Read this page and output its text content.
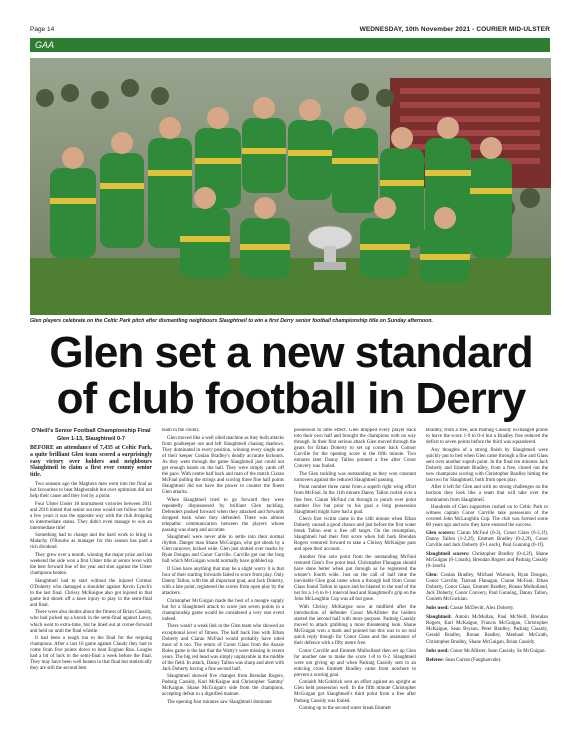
Page 14	WEDNESDAY, 10th November 2021 - COURIER MID-ULSTER
GAA
Glen players celebrate on the Celtic Park pitch after dismantling neighbours Slaughtneil to win a first Derry senior football championship title on Sunday afternoon.
Glen set a new standard of club football in Derry
O'Neill's Senior Football Championship Final
Glen 1-13, Slaughtneil 0-7

BEFORE an attendance of 7,435 at Celtic Park, a quite brilliant Glen team scored a surprisingly easy victory over holders and neighbours Slaughtneil to claim a first ever county senior title.

Two seasons ago the Maghera men went into the final as hot favourites to beat Magherafelt but over optimism did not help their cause and they lost by a point.

Four Ulster Under 18 tournament victories between 2011 and 2016 hinted that senior success would not follow but for a few years it was the opposite way with the club dropping to intermediate status. They didn't even manage to win an intermediate title!

Something had to change and the hard work to bring in Malachy O'Rourke as manager for this season has paid a rich dividend.

They grew over a month, winning the major prize and last weekend the side won a first Ulster title at senior level with the best forward line of the year and shot against the Ulster champions beaten.

Slaughtneil had to start without the injured Cormac O'Doherty who damaged a shoulder against Kevin Lynch's in the last final. Chrissy McKaigue also got injured in that game but shook off a knee injury to play in the semi-final and final.

There were also doubts about the fitness of Brian Cassidy, who had picked up a knock in the semi-final against Lavey, which went to extra-time, but he lined out at corner-forward and held on until the final whistle.

It had been a tough run to the final for the reigning champions. After a last 16 game against Claudy they had to come from five points down to beat Eoghan Rua. Loughs had a bit of luck in the semi-final a week before the final. They may have been well beaten in that final but statistically they are still the second best

team in the county.

Glen moved like a well oiled machine as they built attacks from goalkeeper out and left Slaughtneil chasing shadows. They dominated in every position, winning every single one of their keeper Conlan Bradley's deadly accurate kickouts. As they went through the game Slaughtneil just could not get enough hands on the ball. They were simply yards off the pace. With centre half back and man of the match Ciaran McFaul pulling the strings and scoring three fine half points Slaughtneil did not have the power to counter the fluent Glen attacks.

When Slaughtneil tried to go forward they were repeatedly dispossessed by brilliant Glen tackling. Defenders pushed forward when they attacked and forwards dropped back when they defended. There was almost telepathic communication between the players whose passing was sharp and accurate.

Slaughtneil were never able to settle into their normal rhythm. Danger man Shane McGuigan, who got shook by a Glen turnover, kicked wide. Glen just slotted over marks by Ryan Dougan and Conor Carville. Carville got out the long ball which McGuigan would normally have gobbled up.

If Glen have anything that may be a slight worry it is that four of their starting forwards failed to score from play. Only Danny Tallon, with the all important goal, and Jack Doherty, with a late point, registered the scores from open play by the attackers.

Christopher McGuigan made the best of a meagre supply but for a Slaughtneil attack to score just seven points in a championship game would be considered a very rare event indeed.

There wasn't a weak link in the Glen team who showed an exceptional level of fitness. The half back line with Ethan Doherty and Ciaran McFaul would probably have ruled most of it too. The return of Conor Glass from the Aussie Rules game is the last that the Watty's were missing in recent years. The big red head was simply unplayable in the middle of the field. In attack, Danny Tallon was sharp and alert with Jack Doherty having a fine second half.

Slaughtneil showed five changes from Brendan Rogers, Padraig Cassidy, Karl McKaigue and Christopher 'Sammy' McKaigue. Shane McGuigan's side from the champions, accepting defeat in a dignified manner.

The opening four minutes saw Slaughtneil dominate

possession to little effect. Glen dropped every player back into their own half and brought the champions with no way through. In their first serious attack Glen moved through the gears for Ethan Doherty to set up corner back Connor Carville for the opening score in the fifth minute. Two minutes later Danny Tallon pointed a free after Conor Convery was fouled.

The Glen tackling was outstanding as they won constant turnovers against the reduced Slaughtneil passing.

Point number three came from a superb right wing effort from McFaul. In the 11th minute Danny Tallon curled over a fine free. Ciaran McFaul cut through to punch over point number five but prior to his goal a long possession Slaughtneil might have had a goal.

Glen's first victim came in the 14th minute when Ethan Doherty caused a good chance and just before the first water break Tallon sent a free off target. On the resumption, Slaughtneil had their first score when full back Brendan Rogers ventured forward to take a Chrissy McKaigue pass and open their account.

Another fine solo point from the outstanding McFaul restored Glen's five point lead. Christopher Flanagan should have done better when put through as he registered the winner's fourth wide. Just on the call of half time the inevitable Glen goal came when a through ball from Conor Glass found Tallon in space and he blasted to the roof of the net for a 1-6 to 0-1 interval lead and Slaughtneil's grip on the John McLaughlin Cup was all but gone.

With Chrissy McKaigue now at midfield after the introduction of defender Conor McAllister the holders started the second half with more purpose. Padraig Cassidy moved to attack grabbing a more threatening look. Shane McGuigan won a mark and pointed but this was to no real quick reply though for Conor Glass and the assistance of their defence with a fifty metre free.

Conor Carville and Emmett Mulholland then set up Glen for another one to make the score 1-8 to 0-2. Slaughtneil were not giving up and when Padraig Cassidy sent in an enticing cross Emmett Bradley came from nowhere to prevent a scoring goal.

Conlaith McGoldrick sent an effort against an upright as Glen held possession well. In the fifth minute Christopher McGuigan got Slaughtneil's third point from a free after Padraig Cassidy was fouled.

Coming up to the second water break Emmett

Bradley, from a free, and Padraig Cassidy exchanged points to leave the score 1-9 to 0-4 but a Bradley free reduced the deficit to seven points before the third was squandered.

Any thoughts of a strong finish by Slaughtneil were quickly put to bed when Glen came through a fine and Glass sent over another superb point. In the final ten minutes Jack Doherty and Emmett Bradley, from a free, closed out the new champions scoring with Christopher Bradley hitting the last two for Slaughtneil, both from open play.

After it left for Glen and with no strong challenges on the horizon they look like a team that will take over the domination from Slaughtneil.

Hundreds of Glen supporters rushed on to Celtic Park to witness captain Conor Carville take possession of the coveted John McLaughlin Cup. The club was formed some 80 years ago and now they have ensured the success.

Glen scorers: Ciaran McFaul (0-3), Conor Glass (0-3,1f), Danny Tallon (1-2,2f), Emmett Bradley (0-2,2f), Conor Carville and Jack Doherty (0-1 each), Paul Gunning (0-1f).

Slaughtneil scorers: Christopher Bradley (0-4,2f), Shane McGuigan (0-1,mark), Brendan Rogers and Padraig Cassidy (0-1each).

Glen: Conlan Bradley, Michael Warnock, Ryan Dougan, Conor Carville, Tiarnan Flanagan, Ciaran McFaul, Ethan Doherty, Conor Glass, Emmett Bradley, Ronan Mulholland, Jack Doherty, Conor Convery, Paul Gunning, Danny Tallon, Conleth McGuckian.

Subs used: Cassie McDevitt, Alex Doherty.

Slaughtneil: Antoin McMullan, Paul McNeill, Brendan Rogers, Karl McKaigue, Francis McGuigan, Christopher McKaigue, Sean Bryson, Peter Bradley, Padraig Cassidy, Gerald Bradley, Ronan Bradley, Meehaul McGrath, Christopher Bradley, Shane McGuigan, Brian Cassidy.

Subs used: Conor McAllister, Sean Cassidy, Se McGuigan.

Referee: Sean Curran (Faughanvale).
